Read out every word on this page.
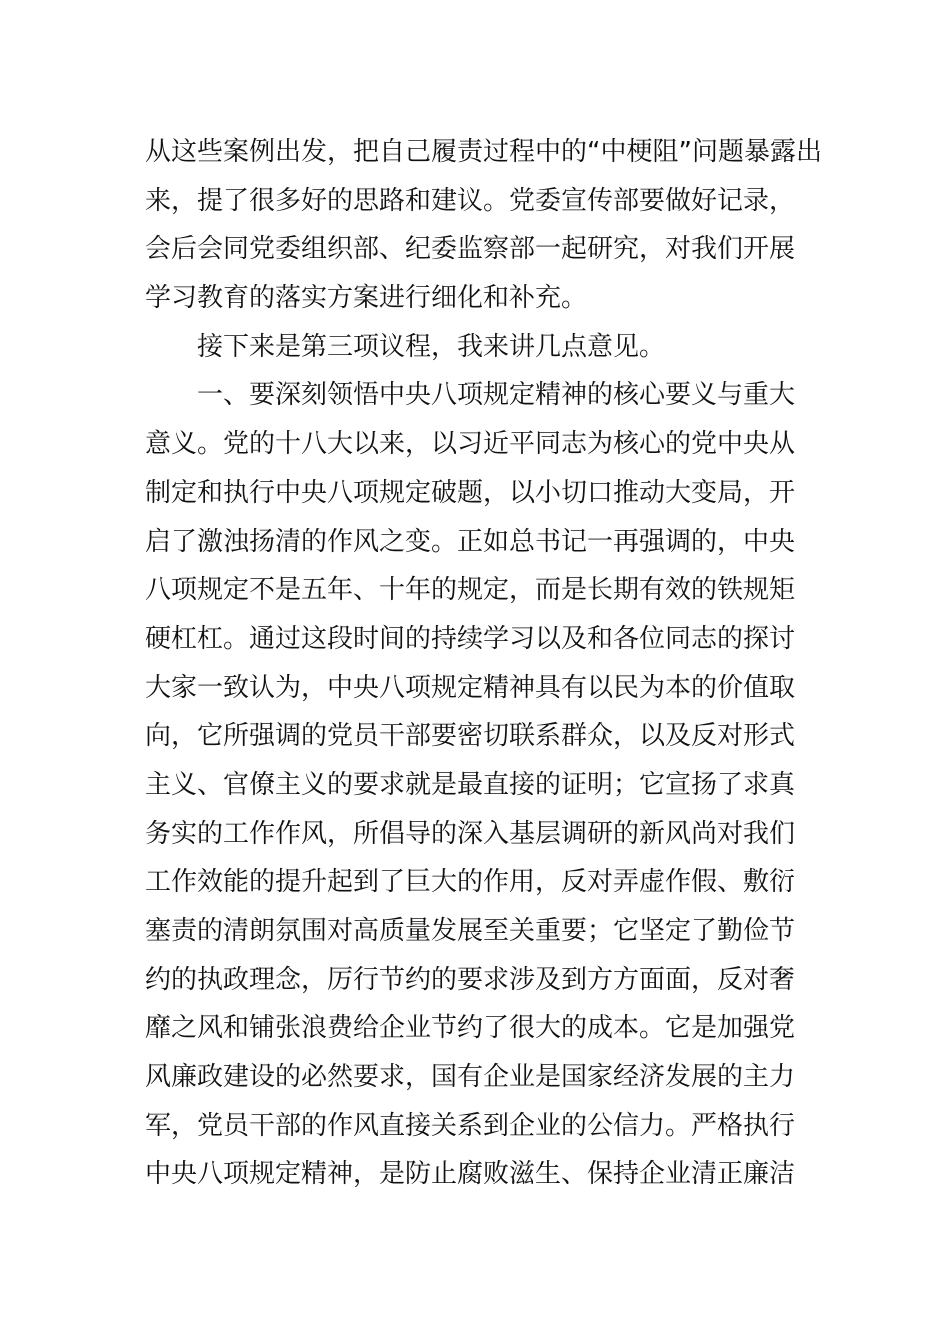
从这些案例出发，把自己履责过程中的“中梗阻”问题暴露出
来，提了很多好的思路和建议。党委宣传部要做好记录，
会后会同党委组织部、纪委监察部一起研究，对我们开展
学习教育的落实方案进行细化和补充。
接下来是第三项议程，我来讲几点意见。
一、要深刻领悟中央八项规定精神的核心要义与重大
意义。党的十八大以来，以习近平同志为核心的党中央从
制定和执行中央八项规定破题，以小切口推动大变局，开
启了激浊扬清的作风之变。正如总书记一再强调的，中央
八项规定不是五年、十年的规定，而是长期有效的铁规矩
硬杠杠。通过这段时间的持续学习以及和各位同志的探讨
大家一致认为，中央八项规定精神具有以民为本的价值取
向，它所强调的党员干部要密切联系群众，以及反对形式
主义、官僚主义的要求就是最直接的证明；它宣扬了求真
务实的工作作风，所倡导的深入基层调研的新风尚对我们
工作效能的提升起到了巨大的作用，反对弄虚作假、敷衍
塞责的清朗氛围对高质量发展至关重要；它坚定了勤俭节
约的执政理念，厉行节约的要求涉及到方方面面，反对奢
靡之风和铺张浪费给企业节约了很大的成本。它是加强党
风廉政建设的必然要求，国有企业是国家经济发展的主力
军，党员干部的作风直接关系到企业的公信力。严格执行
中央八项规定精神，是防止腐败滋生、保持企业清正廉洁
